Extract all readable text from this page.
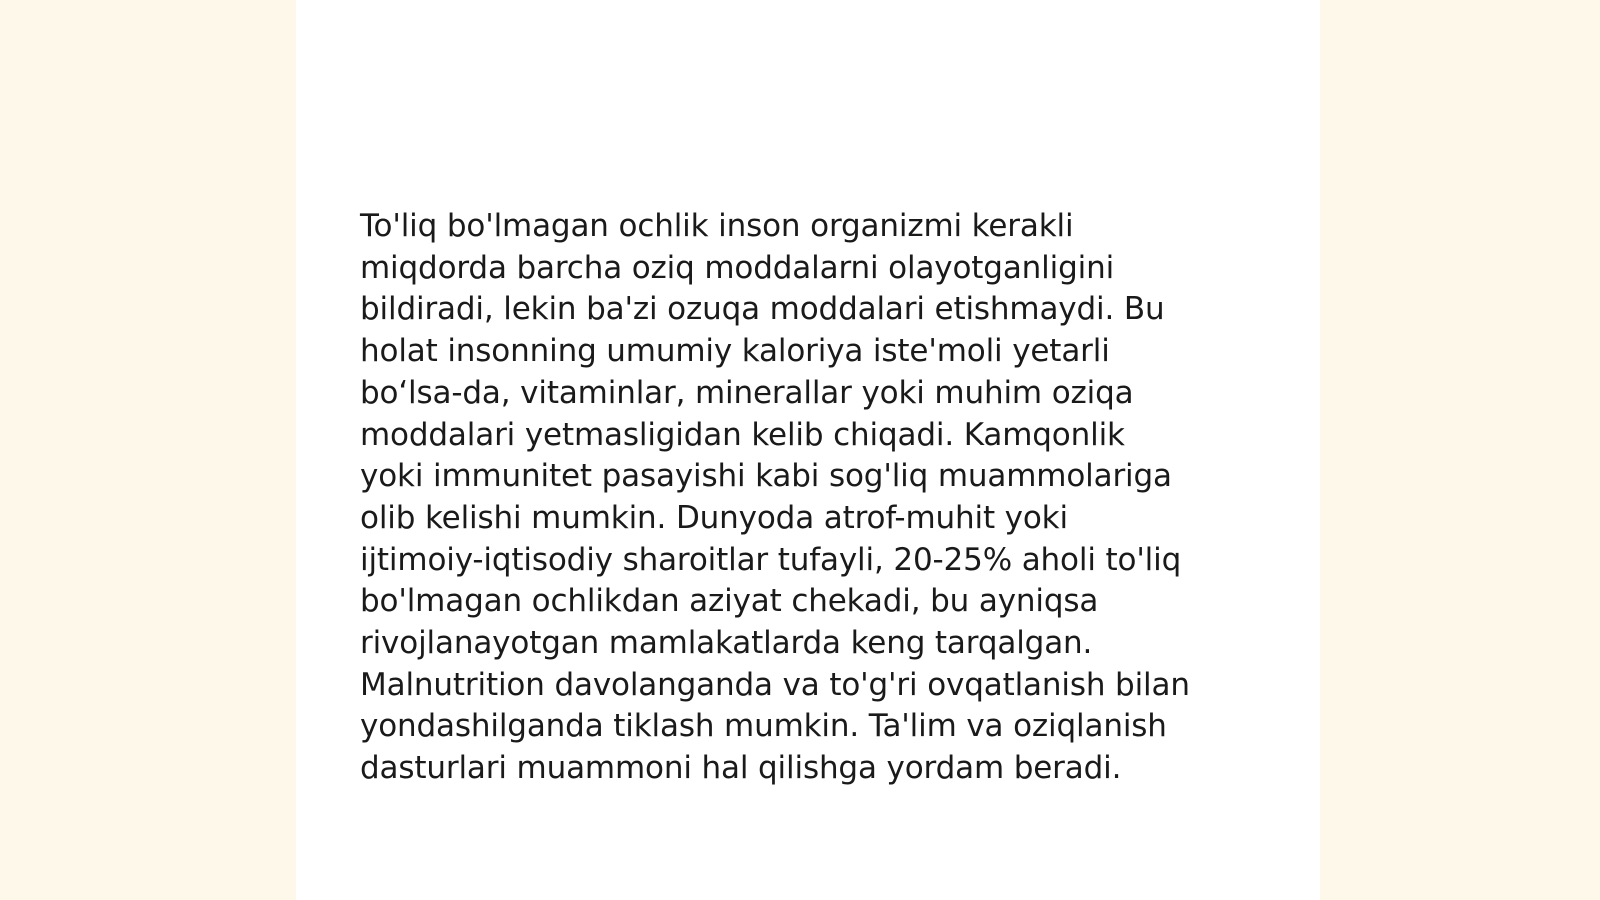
To'liq bo'lmagan ochlik inson organizmi kerakli
miqdorda barcha oziq moddalarni olayotganligini
bildiradi, lekin ba'zi ozuqa moddalari etishmaydi. Bu
holat insonning umumiy kaloriya iste'moli yetarli
bo‘lsa-da, vitaminlar, minerallar yoki muhim oziqa
moddalari yetmasligidan kelib chiqadi. Kamqonlik
yoki immunitet pasayishi kabi sog'liq muammolariga
olib kelishi mumkin. Dunyoda atrof-muhit yoki
ijtimoiy-iqtisodiy sharoitlar tufayli, 20-25% aholi to'liq
bo'lmagan ochlikdan aziyat chekadi, bu ayniqsa
rivojlanayotgan mamlakatlarda keng tarqalgan.
Malnutrition davolanganda va to'g'ri ovqatlanish bilan
yondashilganda tiklash mumkin. Ta'lim va oziqlanish
dasturlari muammoni hal qilishga yordam beradi.
